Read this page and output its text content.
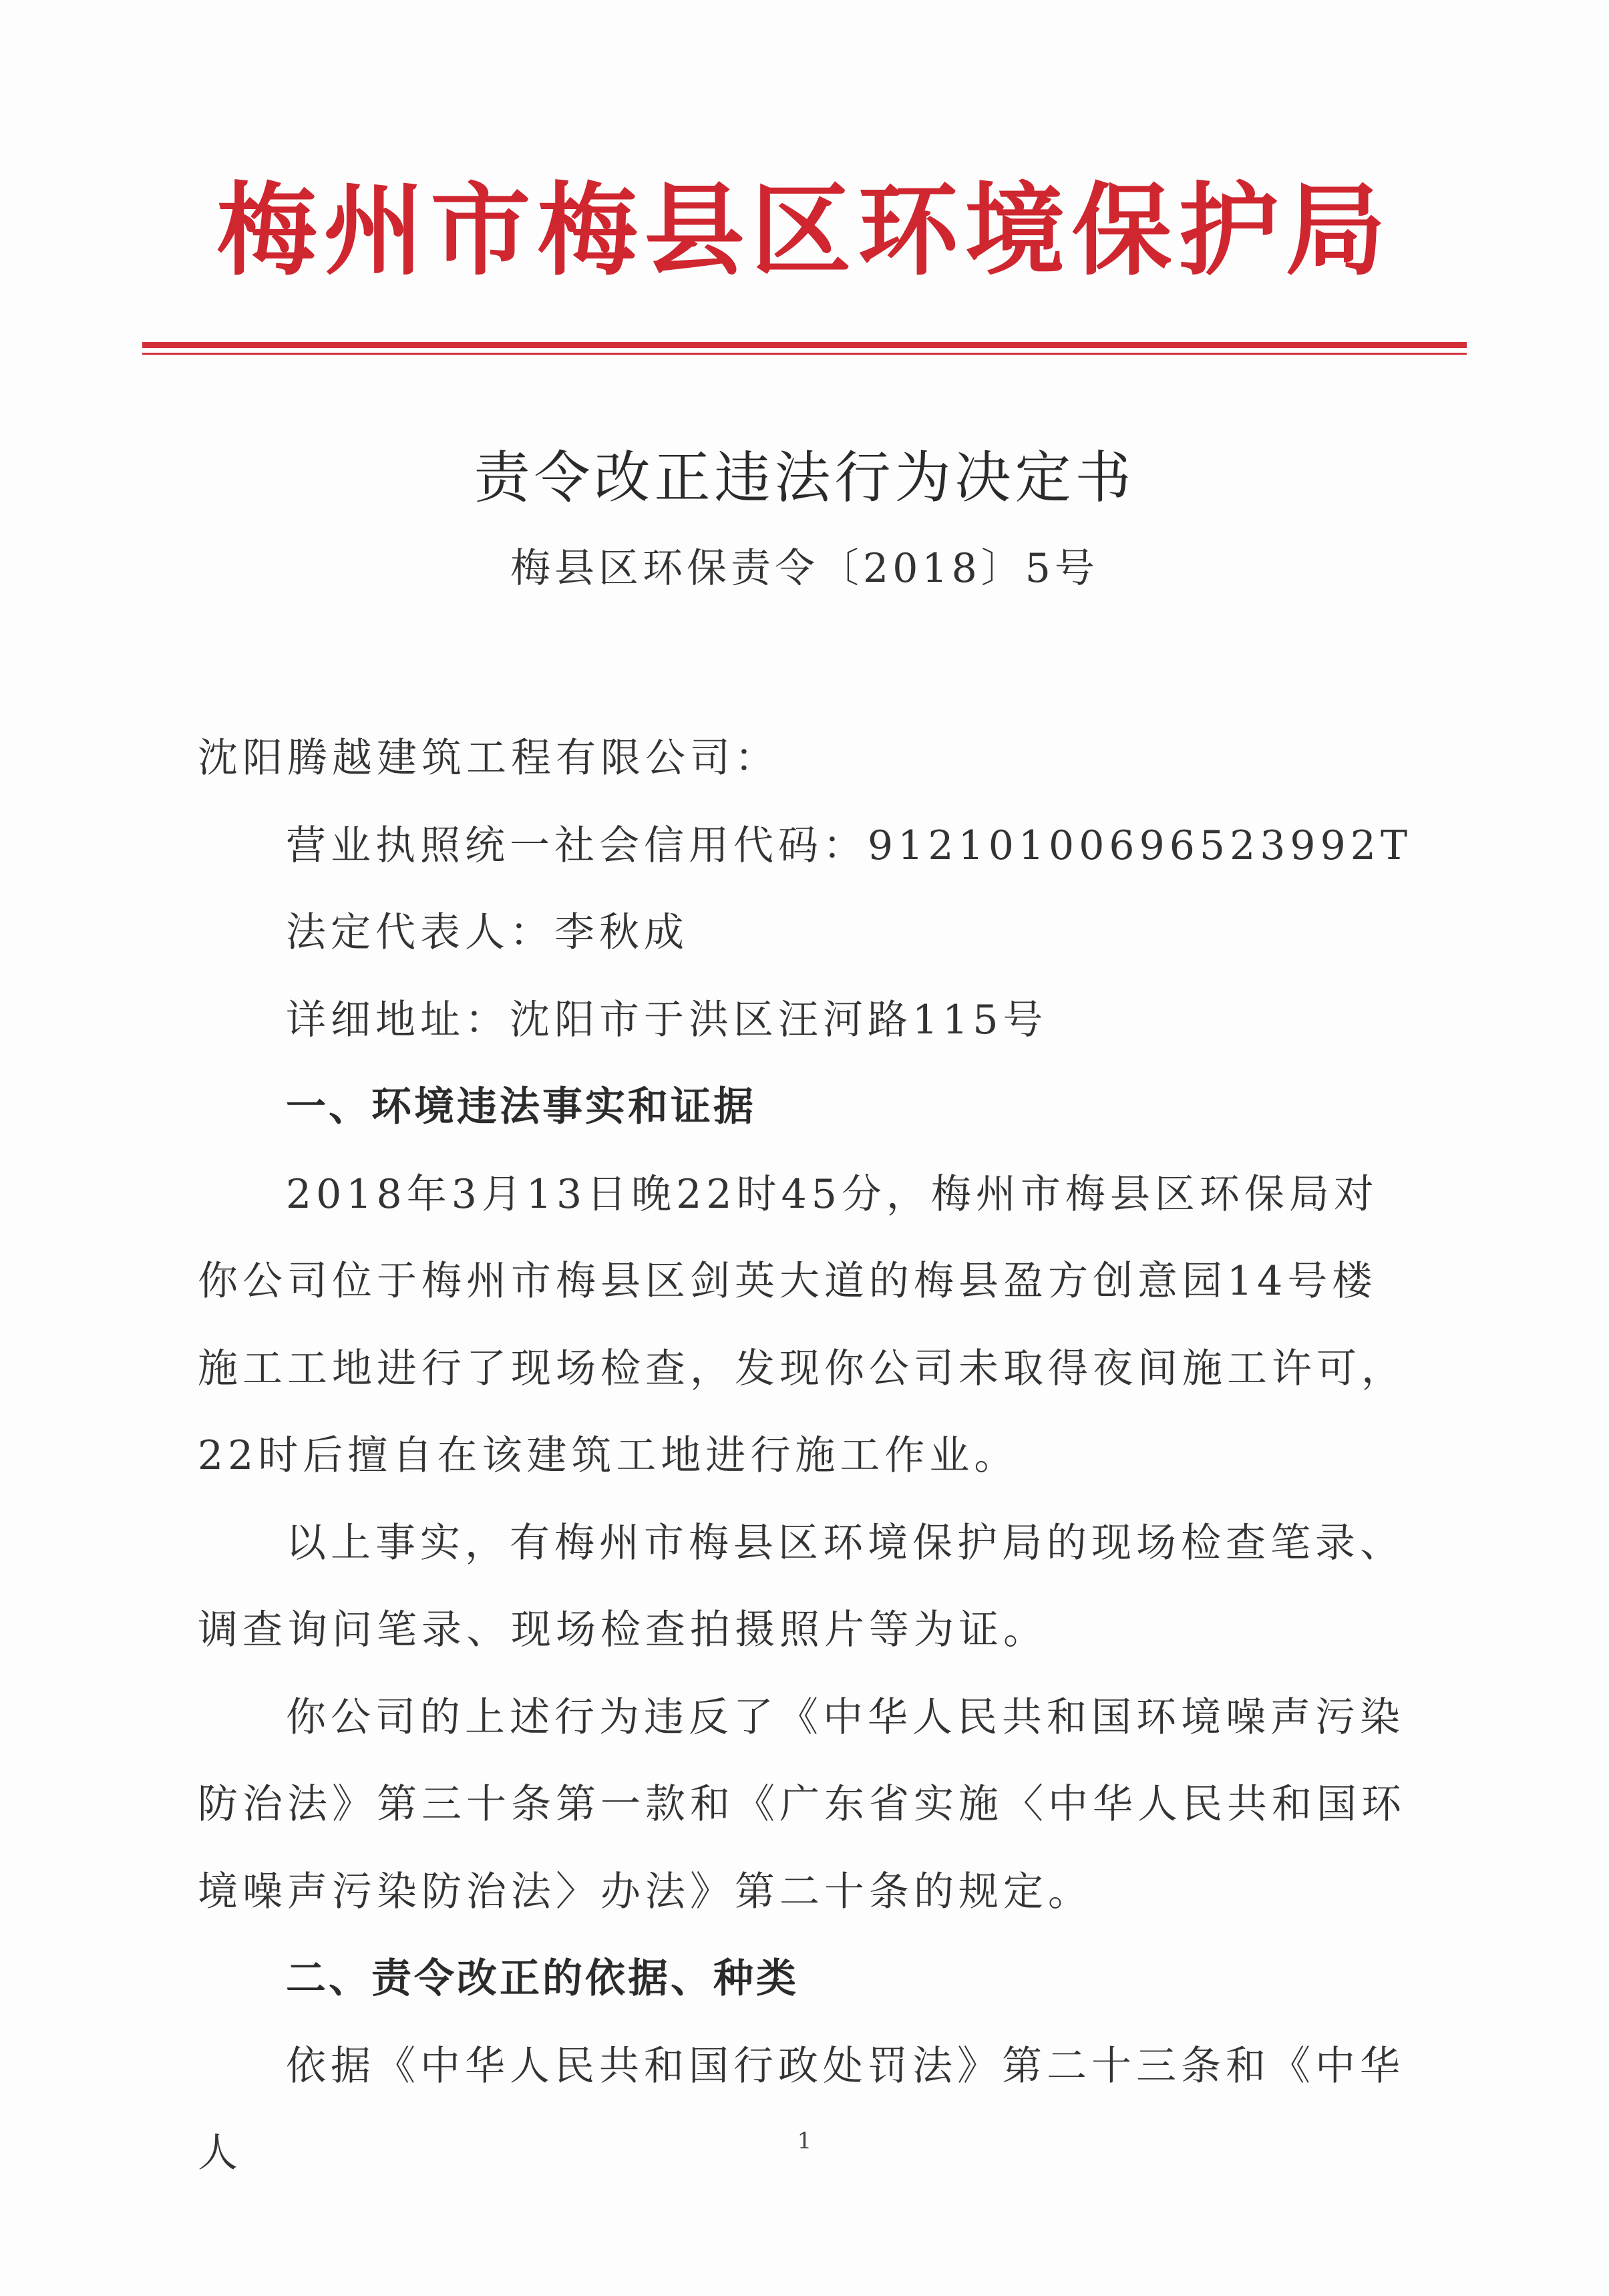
梅州市梅县区环境保护局
责令改正违法行为决定书
梅县区环保责令〔2018〕5号

沈阳腾越建筑工程有限公司：

营业执照统一社会信用代码：91210100696523992T

法定代表人：李秋成

详细地址：沈阳市于洪区汪河路115号

一、环境违法事实和证据

2018年3月13日晚22时45分，梅州市梅县区环保局对你公司位于梅州市梅县区剑英大道的梅县盈方创意园14号楼施工工地进行了现场检查，发现你公司未取得夜间施工许可，22时后擅自在该建筑工地进行施工作业。

以上事实，有梅州市梅县区环境保护局的现场检查笔录、调查询问笔录、现场检查拍摄照片等为证。

你公司的上述行为违反了《中华人民共和国环境噪声污染防治法》第三十条第一款和《广东省实施〈中华人民共和国环境噪声污染防治法〉办法》第二十条的规定。

二、责令改正的依据、种类

依据《中华人民共和国行政处罚法》第二十三条和《中华人	1
